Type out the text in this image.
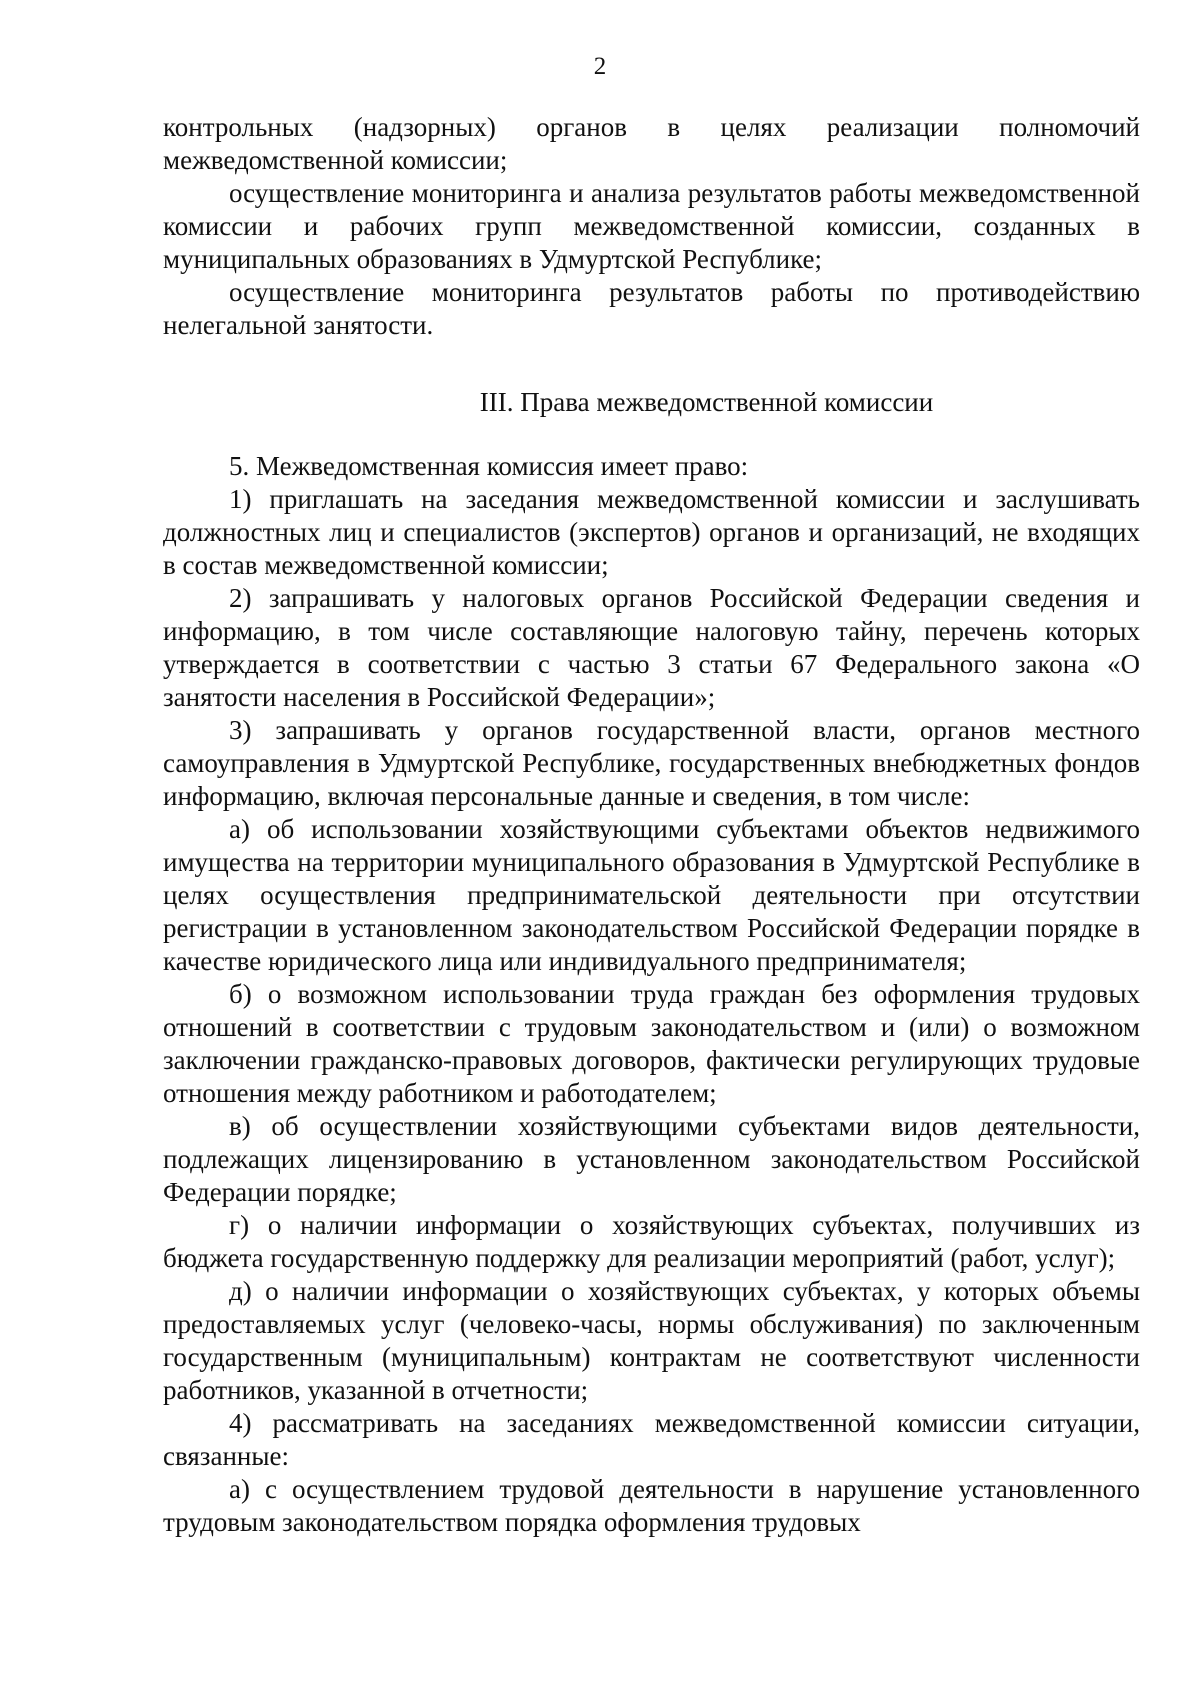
2

контрольных (надзорных) органов в целях реализации полномочий межведомственной комиссии;

осуществление мониторинга и анализа результатов работы межведомственной комиссии и рабочих групп межведомственной комиссии, созданных в муниципальных образованиях в Удмуртской Республике;

осуществление мониторинга результатов работы по противодействию нелегальной занятости.

III. Права межведомственной комиссии

5. Межведомственная комиссия имеет право:

1) приглашать на заседания межведомственной комиссии и заслушивать должностных лиц и специалистов (экспертов) органов и организаций, не входящих в состав межведомственной комиссии;

2) запрашивать у налоговых органов Российской Федерации сведения и информацию, в том числе составляющие налоговую тайну, перечень которых утверждается в соответствии с частью 3 статьи 67 Федерального закона «О занятости населения в Российской Федерации»;

3) запрашивать у органов государственной власти, органов местного самоуправления в Удмуртской Республике, государственных внебюджетных фондов информацию, включая персональные данные и сведения, в том числе:

а) об использовании хозяйствующими субъектами объектов недвижимого имущества на территории муниципального образования в Удмуртской Республике в целях осуществления предпринимательской деятельности при отсутствии регистрации в установленном законодательством Российской Федерации порядке в качестве юридического лица или индивидуального предпринимателя;

б) о возможном использовании труда граждан без оформления трудовых отношений в соответствии с трудовым законодательством и (или) о возможном заключении гражданско-правовых договоров, фактически регулирующих трудовые отношения между работником и работодателем;

в) об осуществлении хозяйствующими субъектами видов деятельности, подлежащих лицензированию в установленном законодательством Российской Федерации порядке;

г) о наличии информации о хозяйствующих субъектах, получивших из бюджета государственную поддержку для реализации мероприятий (работ, услуг);

д) о наличии информации о хозяйствующих субъектах, у которых объемы предоставляемых услуг (человеко-часы, нормы обслуживания) по заключенным государственным (муниципальным) контрактам не соответствуют численности работников, указанной в отчетности;

4) рассматривать на заседаниях межведомственной комиссии ситуации, связанные:

а) с осуществлением трудовой деятельности в нарушение установленного трудовым законодательством порядка оформления трудовых
